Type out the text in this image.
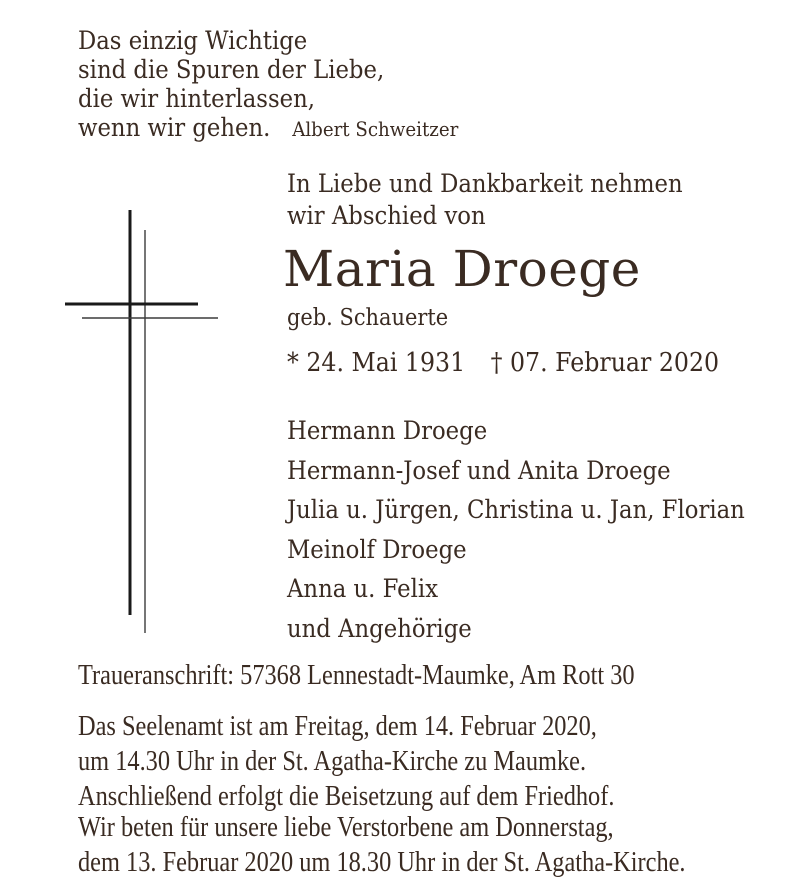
Das einzig Wichtige
sind die Spuren der Liebe,
die wir hinterlassen,
wenn wir gehen. Albert Schweitzer
In Liebe und Dankbarkeit nehmen
wir Abschied von
Maria Droege
geb. Schauerte
* 24. Mai 1931 † 07. Februar 2020
Hermann Droege
Hermann-Josef und Anita Droege
Julia u. Jürgen, Christina u. Jan, Florian
Meinolf Droege
Anna u. Felix
und Angehörige
Traueranschrift: 57368 Lennestadt-Maumke, Am Rott 30
Das Seelenamt ist am Freitag, dem 14. Februar 2020,
um 14.30 Uhr in der St. Agatha-Kirche zu Maumke.
Anschließend erfolgt die Beisetzung auf dem Friedhof.
Wir beten für unsere liebe Verstorbene am Donnerstag,
dem 13. Februar 2020 um 18.30 Uhr in der St. Agatha-Kirche.
